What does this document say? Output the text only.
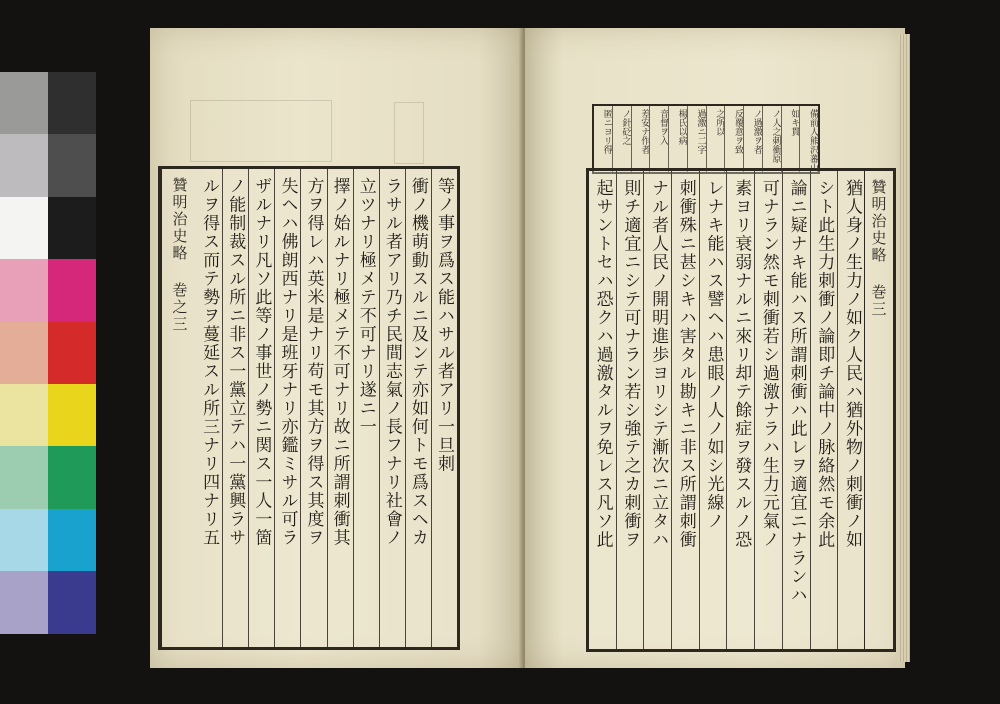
贊明治史略 巻之三	等ノ事ヲ爲ス能ハサル者アリ一旦刺
衝ノ機萌動スルニ及ンテ亦如何トモ爲スヘカ
ラサル者アリ乃チ民間志氣ノ長フナリ社會ノ
立ツナリ極メテ不可ナリ遂ニ一
擇ノ始ルナリ極メテ不可ナリ故ニ所謂刺衝其
方ヲ得レハ英米是ナリ苟モ其方ヲ得ス其度ヲ
失ヘハ佛朗西ナリ是班牙ナリ亦鑑ミサル可ラ
ザルナリ凡ソ此等ノ事世ノ勢ニ関ス一人一箇
ノ能制裁スル所ニ非ス一黨立テハ一黨興ラサ
ルヲ得ス而テ勢ヲ蔓延スル所三ナリ四ナリ五
備前人熊沢蕃山
如キ貫
ノ人之刺衝原
ノ過激ヲ者
反覆意ヲ致
之所以
過激ニ二字
楊氏以病
音督ヲ入
差安ナ作者
ノ針砭之
匿ニヨリ得
猶人身ノ生力ノ如ク人民ハ猶外物ノ刺衝ノ如
シト此生力刺衝ノ論即チ論中ノ脉絡然モ余此
論ニ疑ナキ能ハス所謂刺衝ハ此レヲ適宜ニナランハ
可ナラン然モ刺衝若シ過激ナラハ生力元氣ノ
素ヨリ衰弱ナルニ來リ却テ餘症ヲ發スルノ恐
レナキ能ハス譬ヘハ患眼ノ人ノ如シ光線ノ
刺衝殊ニ甚シキハ害タル勘キニ非ス所謂刺衝
ナル者人民ノ開明進歩ヨリシテ漸次ニ立タハ
則チ適宜ニシテ可ナラン若シ強テ之カ刺衝ヲ
起サントセハ恐クハ過激タルヲ免レス凡ソ此	贊明治史略 巻三
